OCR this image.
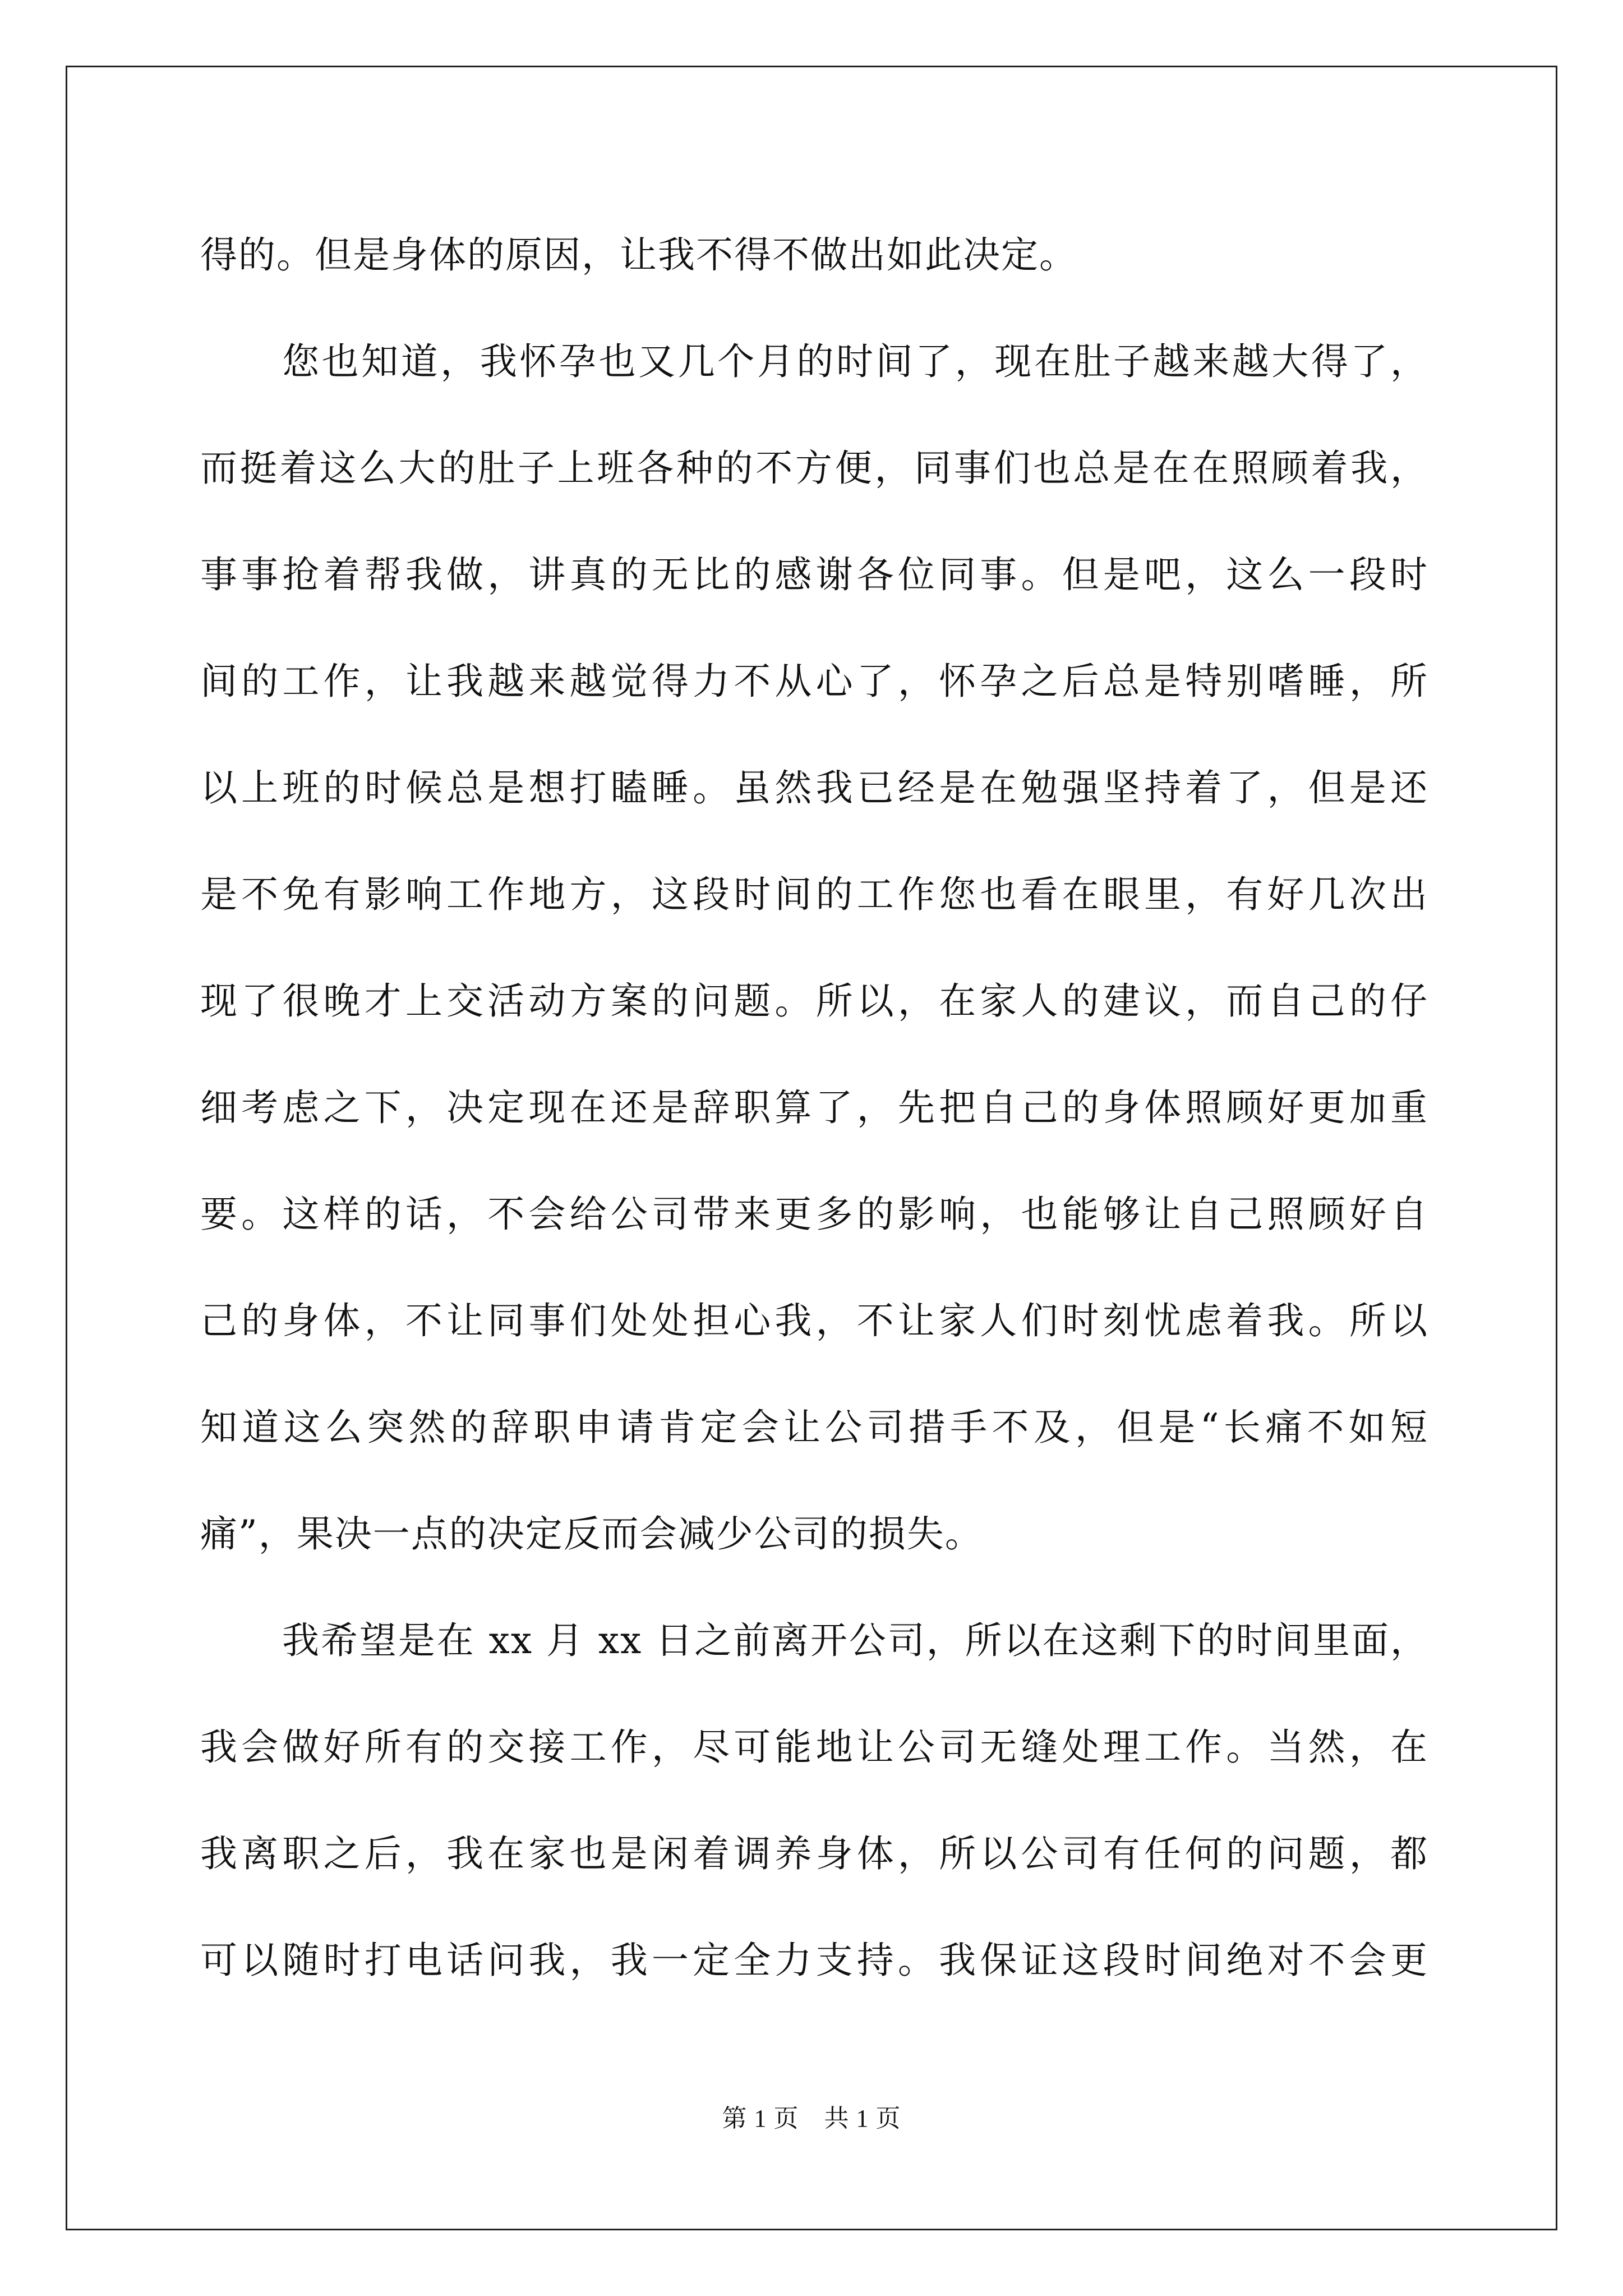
得的。但是身体的原因，让我不得不做出如此决定。
您也知道，我怀孕也又几个月的时间了，现在肚子越来越大得了，
而挺着这么大的肚子上班各种的不方便，同事们也总是在在照顾着我，
事事抢着帮我做，讲真的无比的感谢各位同事。但是吧，这么一段时
间的工作，让我越来越觉得力不从心了，怀孕之后总是特别嗜睡，所
以上班的时候总是想打瞌睡。虽然我已经是在勉强坚持着了，但是还
是不免有影响工作地方，这段时间的工作您也看在眼里，有好几次出
现了很晚才上交活动方案的问题。所以，在家人的建议，而自己的仔
细考虑之下，决定现在还是辞职算了，先把自己的身体照顾好更加重
要。这样的话，不会给公司带来更多的影响，也能够让自己照顾好自
己的身体，不让同事们处处担心我，不让家人们时刻忧虑着我。所以
知道这么突然的辞职申请肯定会让公司措手不及，但是“长痛不如短
痛”，果决一点的决定反而会减少公司的损失。
我希望是在 xx 月 xx 日之前离开公司，所以在这剩下的时间里面，
我会做好所有的交接工作，尽可能地让公司无缝处理工作。当然，在
我离职之后，我在家也是闲着调养身体，所以公司有任何的问题，都
可以随时打电话问我，我一定全力支持。我保证这段时间绝对不会更
第 1 页　共 1 页
